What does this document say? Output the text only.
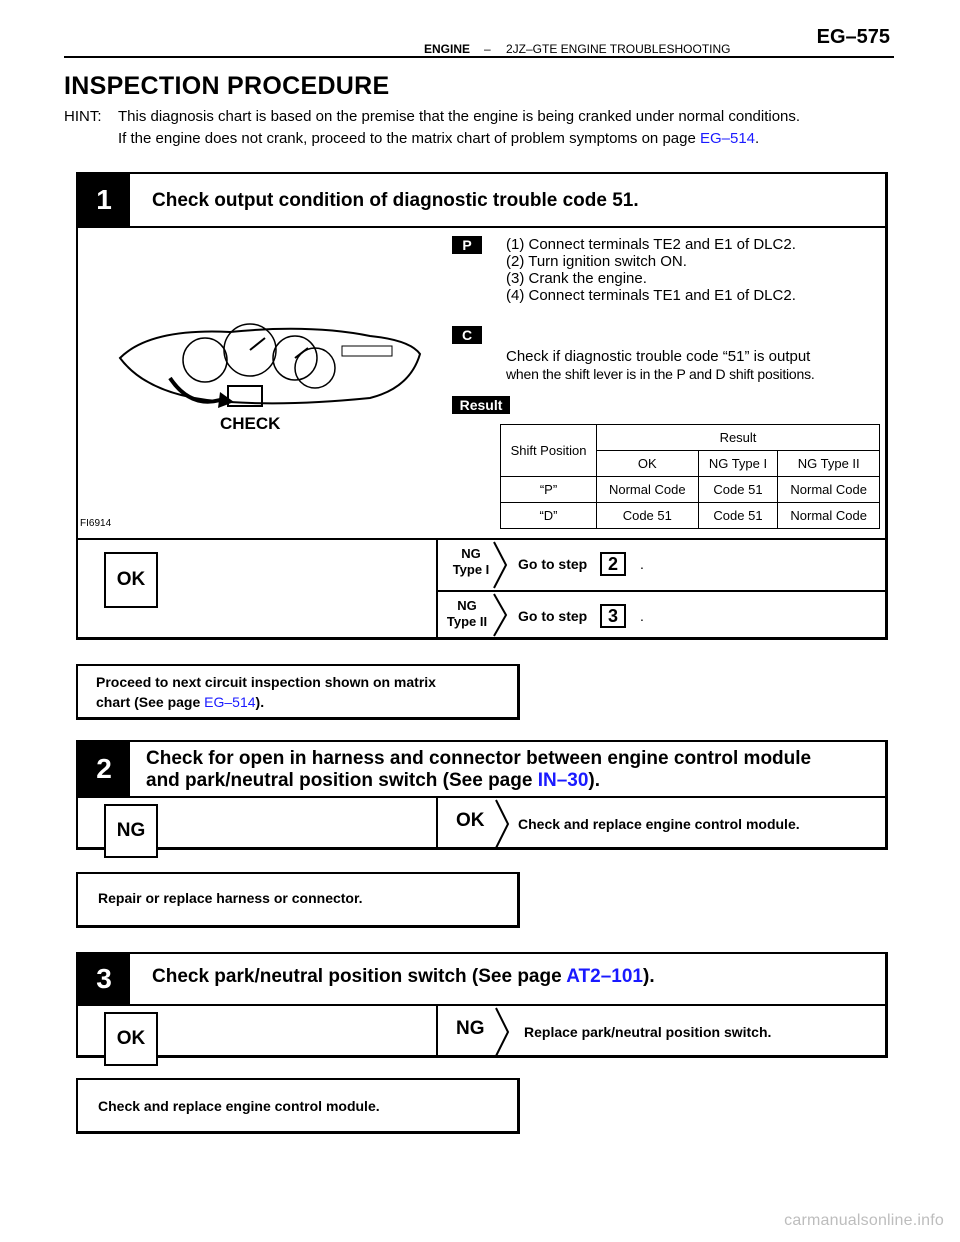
ENGINE – 2JZ–GTE ENGINE TROUBLESHOOTING
EG–575
INSPECTION PROCEDURE
HINT: This diagnosis chart is based on the premise that the engine is being cranked under normal conditions.
If the engine does not crank, proceed to the matrix chart of problem symptoms on page EG–514.
1	Check output condition of diagnostic trouble code 51.
CHECK
FI6914
P	(1) Connect terminals TE2 and E1 of DLC2.
(2) Turn ignition switch ON.
(3) Crank the engine.
(4) Connect terminals TE1 and E1 of DLC2.
C
Check if diagnostic trouble code “51” is output
when the shift lever is in the P and D shift positions.
Result
Shift Position	Result		
	OK	NG Type I	NG Type II
“P”	Normal Code	Code 51	Normal Code
“D”	Code 51	Code 51	Normal Code
OK
NG
Type I	Go to step	2	.
NG
Type II	Go to step	3	.
Proceed to next circuit inspection shown on matrix
chart (See page EG–514).
2	Check for open in harness and connector between engine control module
and park/neutral position switch (See page IN–30).
NG	OK Check and replace engine control module.
Repair or replace harness or connector.
3	Check park/neutral position switch (See page AT2–101).
OK	NG	Replace park/neutral position switch.
Check and replace engine control module.
carmanualsonline.info
